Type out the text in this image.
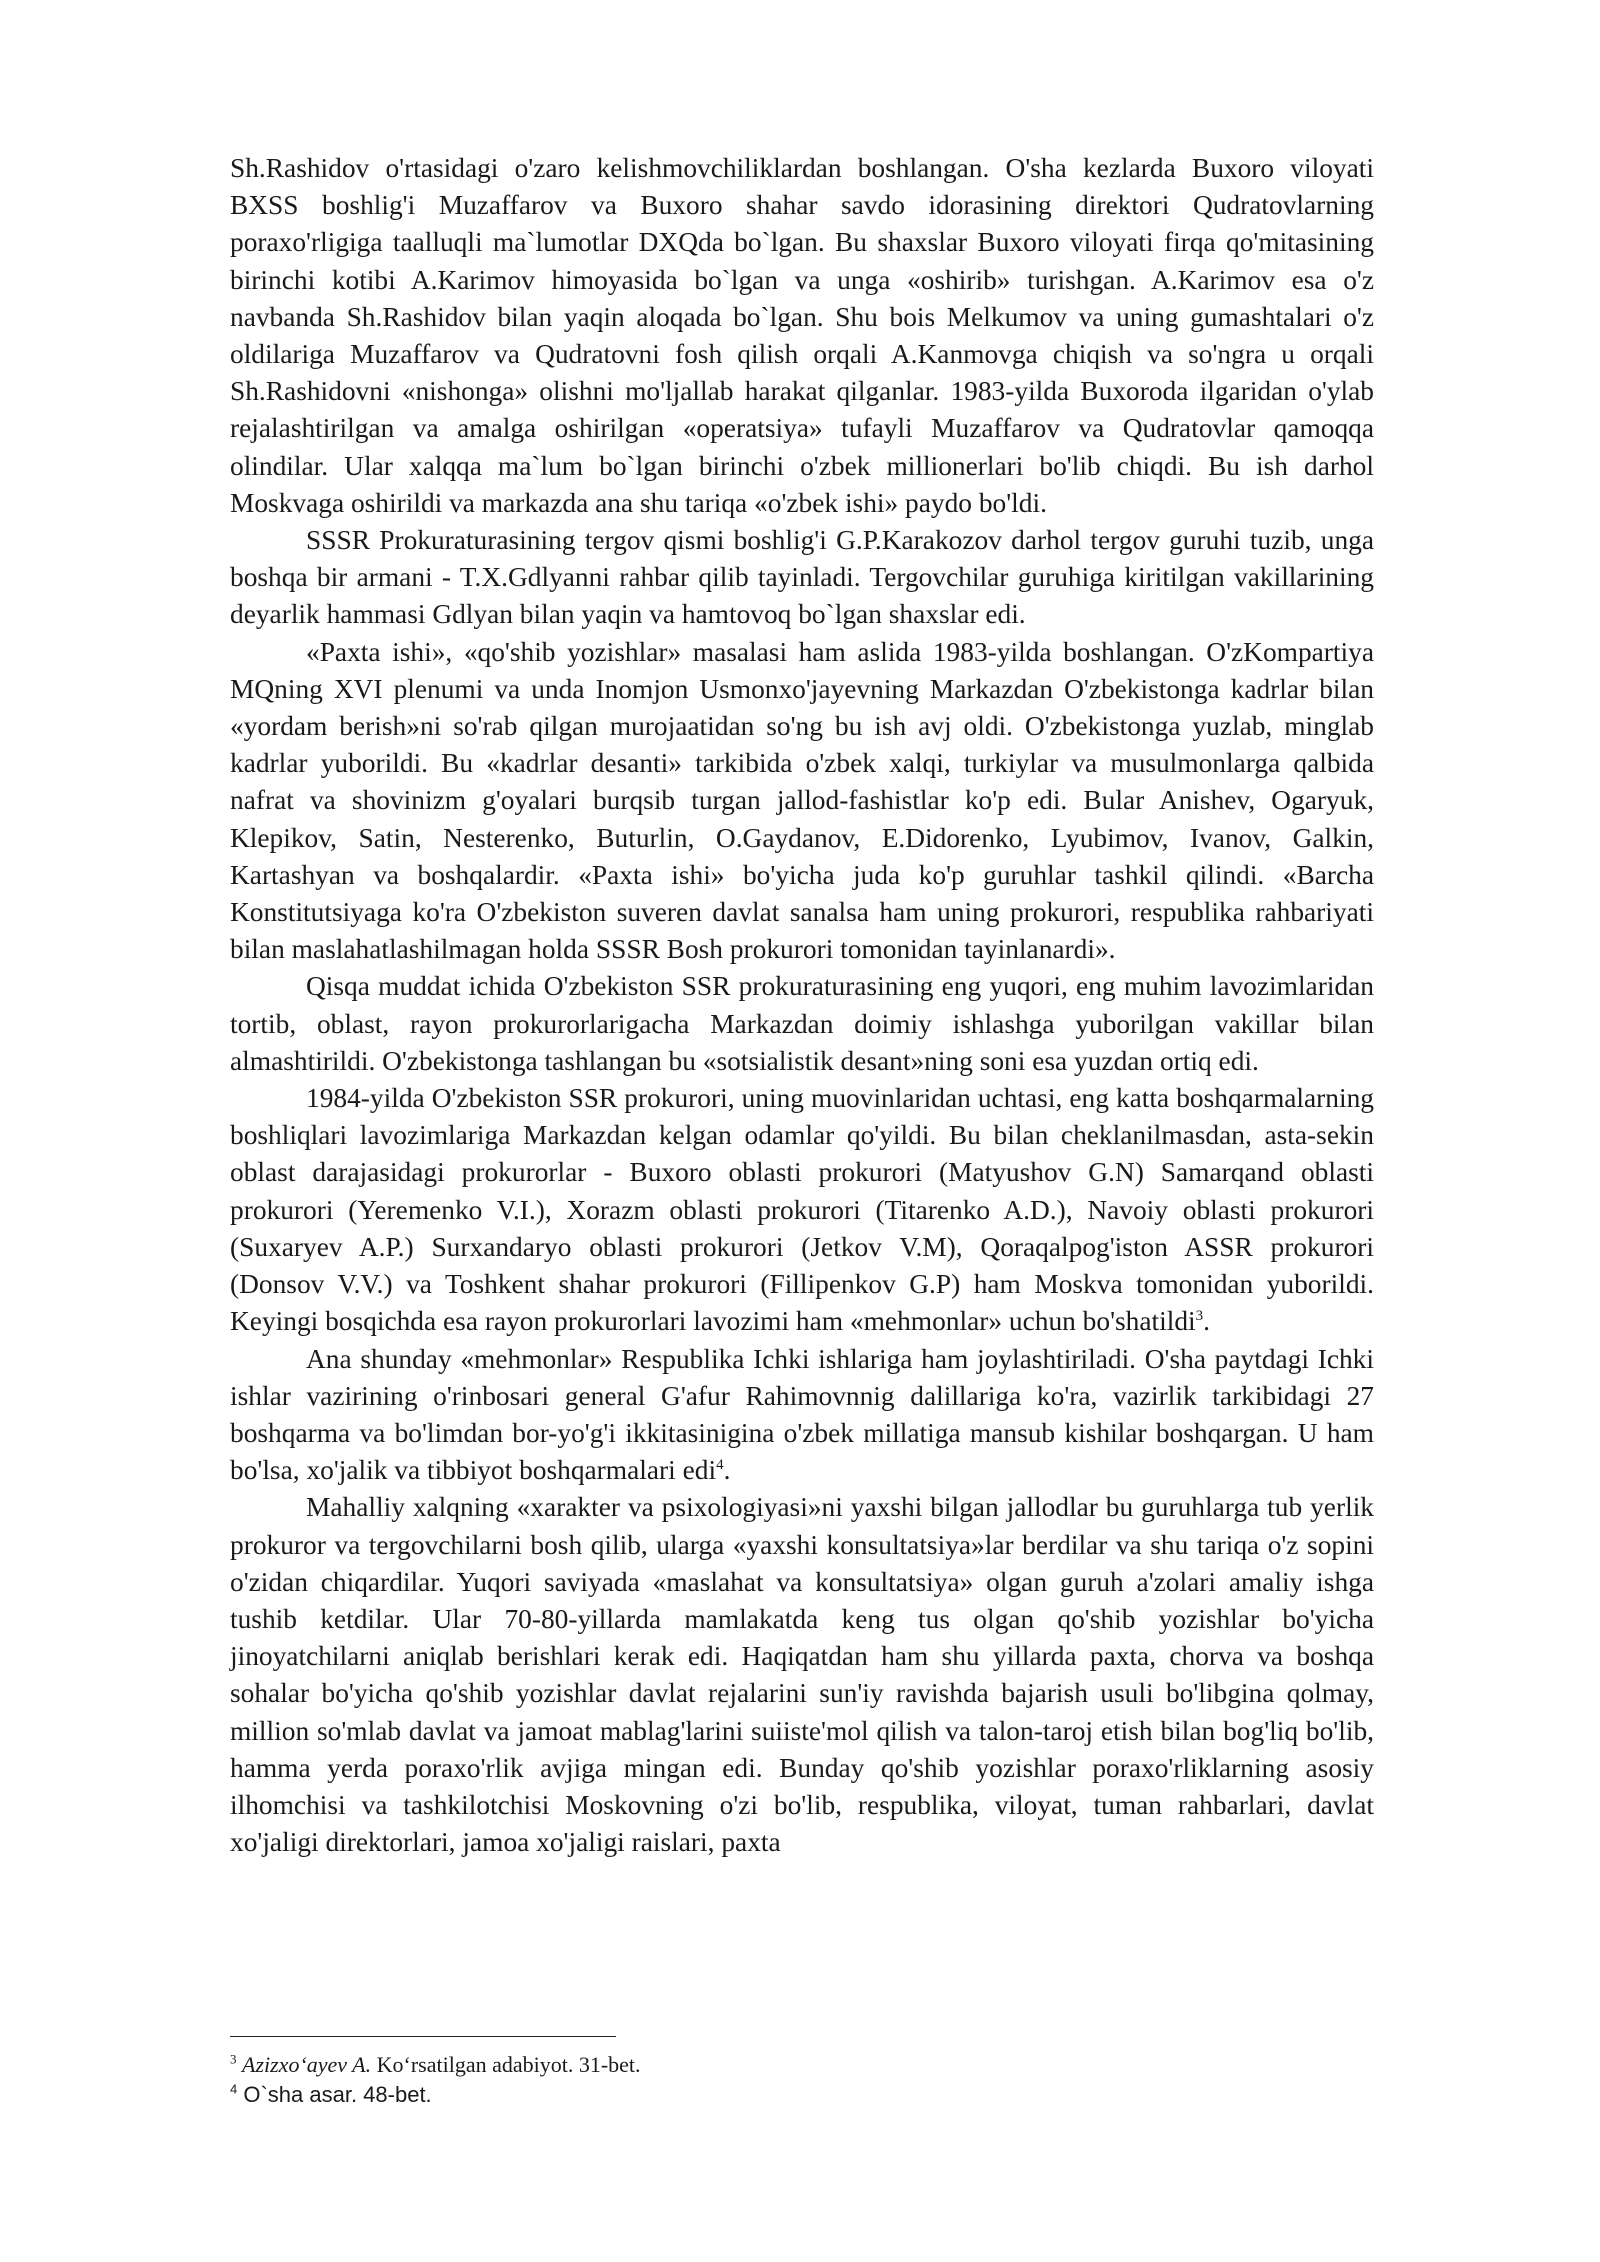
Sh.Rashidov o'rtasidagi o'zaro kelishmovchiliklardan boshlangan. O'sha kezlarda Buxoro viloyati BXSS boshlig'i Muzaffarov va Buxoro shahar savdo idorasining direktori Qudratovlarning poraxo'rligiga taalluqli ma`lumotlar DXQda bo`lgan. Bu shaxslar Buxoro viloyati firqa qo'mitasining birinchi kotibi A.Karimov himoyasida bo`lgan va unga «oshirib» turishgan. A.Karimov esa o'z navbanda Sh.Rashidov bilan yaqin aloqada bo`lgan. Shu bois Melkumov va uning gumashtalari o'z oldilariga Muzaffarov va Qudratovni fosh qilish orqali A.Kanmovga chiqish va so'ngra u orqali Sh.Rashidovni «nishonga» olishni mo'ljallab harakat qilganlar. 1983-yilda Buxoroda ilgaridan o'ylab rejalashtirilgan va amalga oshirilgan «operatsiya» tufayli Muzaffarov va Qudratovlar qamoqqa olindilar. Ular xalqqa ma`lum bo`lgan birinchi o'zbek millionerlari bo'lib chiqdi. Bu ish darhol Moskvaga oshirildi va markazda ana shu tariqa «o'zbek ishi» paydo bo'ldi.

SSSR Prokuraturasining tergov qismi boshlig'i G.P.Karakozov darhol tergov guruhi tuzib, unga boshqa bir armani - T.X.Gdlyanni rahbar qilib tayinladi. Tergovchilar guruhiga kiritilgan vakillarining deyarlik hammasi Gdlyan bilan yaqin va hamtovoq bo`lgan shaxslar edi.

«Paxta ishi», «qo'shib yozishlar» masalasi ham aslida 1983-yilda boshlangan. O'zKompartiya MQning XVI plenumi va unda Inomjon Usmonxo'jayevning Markazdan O'zbekistonga kadrlar bilan «yordam berish»ni so'rab qilgan murojaatidan so'ng bu ish avj oldi. O'zbekistonga yuzlab, minglab kadrlar yuborildi. Bu «kadrlar desanti» tarkibida o'zbek xalqi, turkiylar va musulmonlarga qalbida nafrat va shovinizm g'oyalari burqsib turgan jallod-fashistlar ko'p edi. Bular Anishev, Ogaryuk, Klepikov, Satin, Nesterenko, Buturlin, O.Gaydanov, E.Didorenko, Lyubimov, Ivanov, Galkin, Kartashyan va boshqalardir. «Paxta ishi» bo'yicha juda ko'p guruhlar tashkil qilindi. «Barcha Konstitutsiyaga ko'ra O'zbekiston suveren davlat sanalsa ham uning prokurori, respublika rahbariyati bilan maslahatlashilmagan holda SSSR Bosh prokurori tomonidan tayinlanardi».

Qisqa muddat ichida O'zbekiston SSR prokuraturasining eng yuqori, eng muhim lavozimlaridan tortib, oblast, rayon prokurorlarigacha Markazdan doimiy ishlashga yuborilgan vakillar bilan almashtirildi. O'zbekistonga tashlangan bu «sotsialistik desant»ning soni esa yuzdan ortiq edi.

1984-yilda O'zbekiston SSR prokurori, uning muovinlaridan uchtasi, eng katta boshqarmalarning boshliqlari lavozimlariga Markazdan kelgan odamlar qo'yildi. Bu bilan cheklanilmasdan, asta-sekin oblast darajasidagi prokurorlar - Buxoro oblasti prokurori (Matyushov G.N) Samarqand oblasti prokurori (Yeremenko V.I.), Xorazm oblasti prokurori (Titarenko A.D.), Navoiy oblasti prokurori (Suxaryev A.P.) Surxandaryo oblasti prokurori (Jetkov V.M), Qoraqalpog'iston ASSR prokurori (Donsov V.V.) va Toshkent shahar prokurori (Fillipenkov G.P) ham Moskva tomonidan yuborildi. Keyingi bosqichda esa rayon prokurorlari lavozimi ham «mehmonlar» uchun bo'shatildi$^3$.

Ana shunday «mehmonlar» Respublika Ichki ishlariga ham joylashtiriladi. O'sha paytdagi Ichki ishlar vazirining o'rinbosari general G'afur Rahimovnnig dalillariga ko'ra, vazirlik tarkibidagi 27 boshqarma va bo'limdan bor-yo'g'i ikkitasinigina o'zbek millatiga mansub kishilar boshqargan. U ham bo'lsa, xo'jalik va tibbiyot boshqarmalari edi$^4$.

Mahalliy xalqning «xarakter va psixologiyasi»ni yaxshi bilgan jallodlar bu guruhlarga tub yerlik prokuror va tergovchilarni bosh qilib, ularga «yaxshi konsultatsiya»lar berdilar va shu tariqa o'z sopini o'zidan chiqardilar. Yuqori saviyada «maslahat va konsultatsiya» olgan guruh a'zolari amaliy ishga tushib ketdilar. Ular 70-80-yillarda mamlakatda keng tus olgan qo'shib yozishlar bo'yicha jinoyatchilarni aniqlab berishlari kerak edi. Haqiqatdan ham shu yillarda paxta, chorva va boshqa sohalar bo'yicha qo'shib yozishlar davlat rejalarini sun'iy ravishda bajarish usuli bo'libgina qolmay, million so'mlab davlat va jamoat mablag'larini suiiste'mol qilish va talon-taroj etish bilan bog'liq bo'lib, hamma yerda poraxo'rlik avjiga mingan edi. Bunday qo'shib yozishlar poraxo'rliklarning asosiy ilhomchisi va tashkilotchisi Moskovning o'zi bo'lib, respublika, viloyat, tuman rahbarlari, davlat xo'jaligi direktorlari, jamoa xo'jaligi raislari, paxta

$^3$ Azizxo‘ayev A. Ko‘rsatilgan adabiyot. 31-bet.

$^4$ O`sha asar. 48-bet.
